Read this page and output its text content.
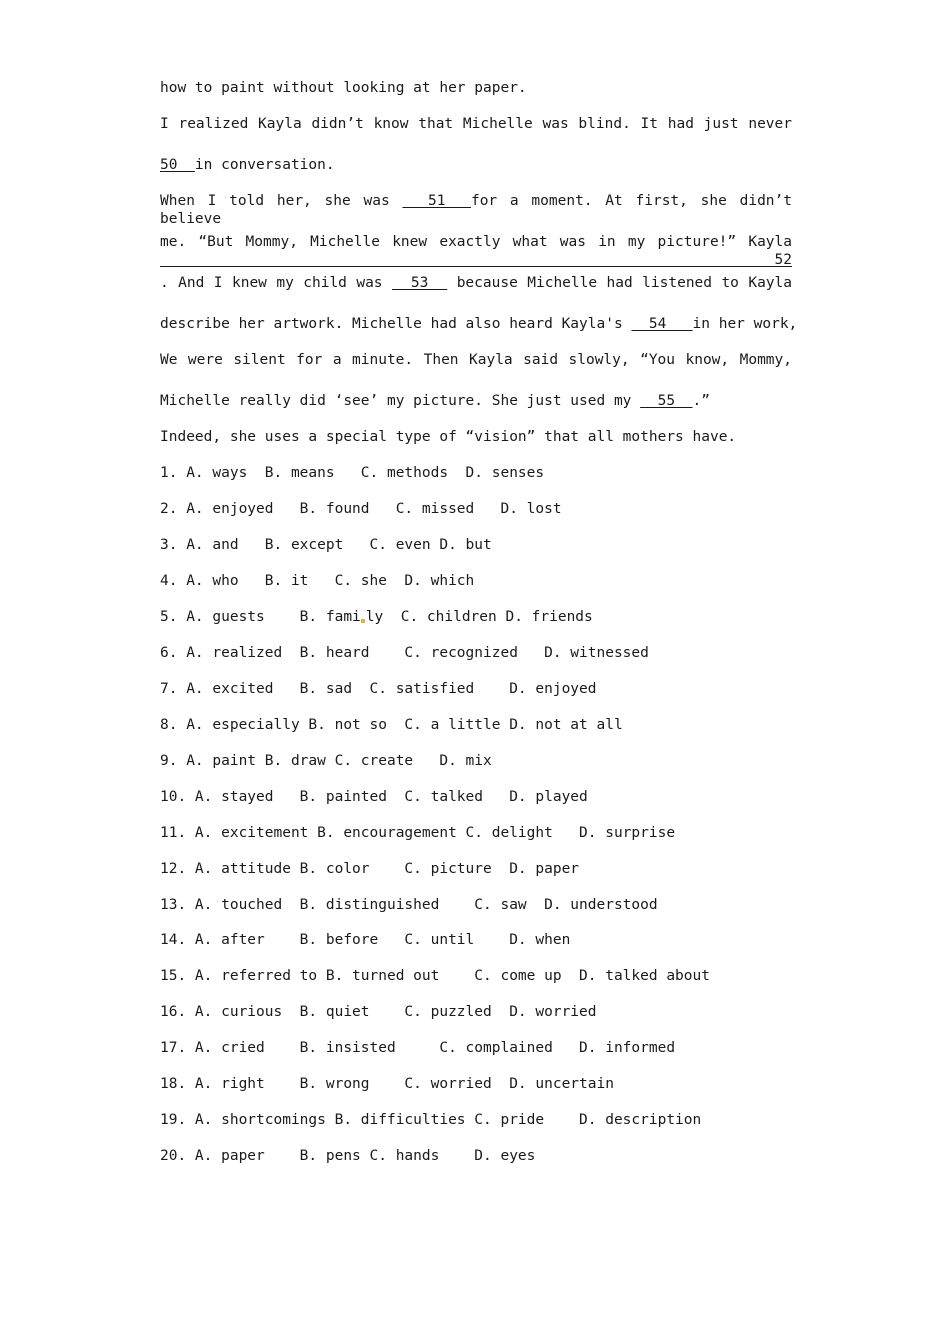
how to paint without looking at her paper.
I realized Kayla didn’t know that Michelle was blind. It had just never
50  in conversation.
When I told her, she was   51  for a moment. At first, she didn’t believe
me. “But Mommy, Michelle knew exactly what was in my picture!” Kayla   52
. And I knew my child was   53   because Michelle had listened to Kayla
describe her artwork. Michelle had also heard Kayla's   54   in her work,
We were silent for a minute. Then Kayla said slowly, “You know, Mommy,
Michelle really did ‘see’ my picture. She just used my   55  .”
Indeed, she uses a special type of “vision” that all mothers have.
1. A. ways  B. means   C. methods  D. senses
2. A. enjoyed   B. found   C. missed   D. lost
3. A. and   B. except   C. even D. but
4. A. who   B. it   C. she  D. which
5. A. guests    B. fami ly  C. children D. friends
6. A. realized  B. heard    C. recognized   D. witnessed
7. A. excited   B. sad  C. satisfied    D. enjoyed
8. A. especially B. not so  C. a little D. not at all
9. A. paint B. draw C. create   D. mix
10. A. stayed   B. painted  C. talked   D. played
11. A. excitement B. encouragement C. delight   D. surprise
12. A. attitude B. color    C. picture  D. paper
13. A. touched  B. distinguished    C. saw  D. understood
14. A. after    B. before   C. until    D. when
15. A. referred to B. turned out    C. come up  D. talked about
16. A. curious  B. quiet    C. puzzled  D. worried
17. A. cried    B. insisted     C. complained   D. informed
18. A. right    B. wrong    C. worried  D. uncertain
19. A. shortcomings B. difficulties C. pride    D. description
20. A. paper    B. pens C. hands    D. eyes
